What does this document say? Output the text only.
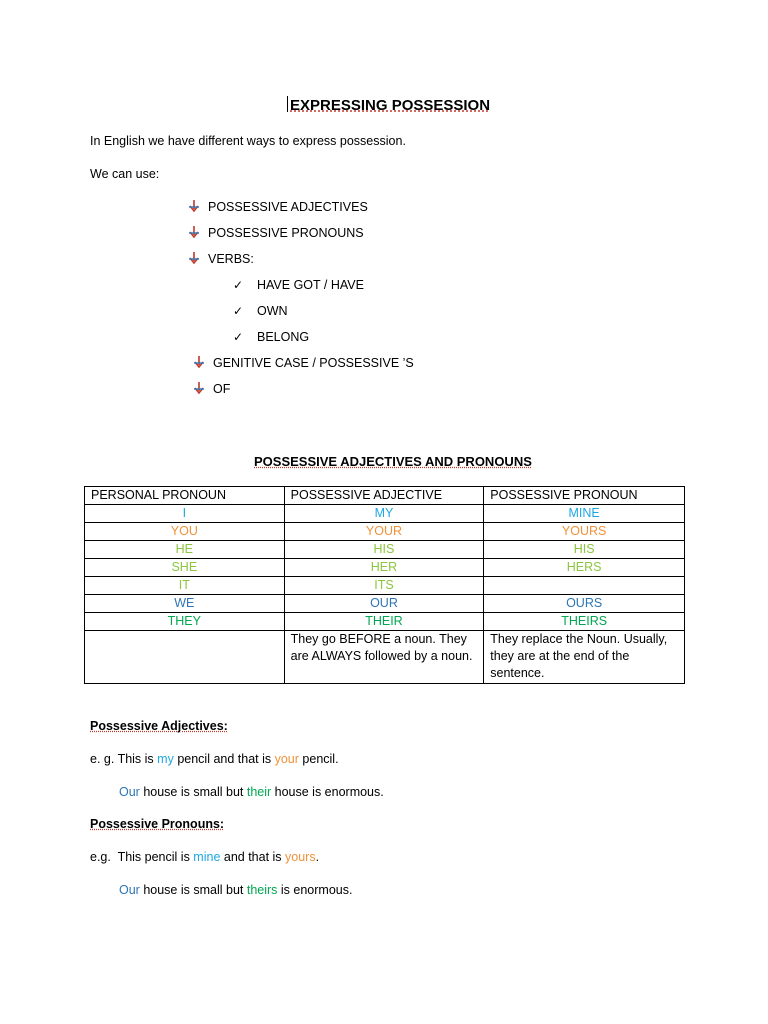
EXPRESSING POSSESSION
In English we have different ways to express possession.
We can use:
POSSESSIVE ADJECTIVES
POSSESSIVE PRONOUNS
VERBS:
✓ HAVE GOT / HAVE
✓ OWN
✓ BELONG
GENITIVE CASE / POSSESSIVE ’S
OF
POSSESSIVE ADJECTIVES AND PRONOUNS
PERSONAL PRONOUN	POSSESSIVE ADJECTIVE	POSSESSIVE PRONOUN
I	MY	MINE
YOU	YOUR	YOURS
HE	HIS	HIS
SHE	HER	HERS
IT	ITS	
WE	OUR	OURS
THEY	THEIR	THEIRS
	They go BEFORE a noun. They are ALWAYS followed by a noun.	They replace the Noun. Usually, they are at the end of the sentence.
Possessive Adjectives:
e. g. This is my pencil and that is your pencil.
Our house is small but their house is enormous.
Possessive Pronouns:
e.g.  This pencil is mine and that is yours.
Our house is small but theirs is enormous.
